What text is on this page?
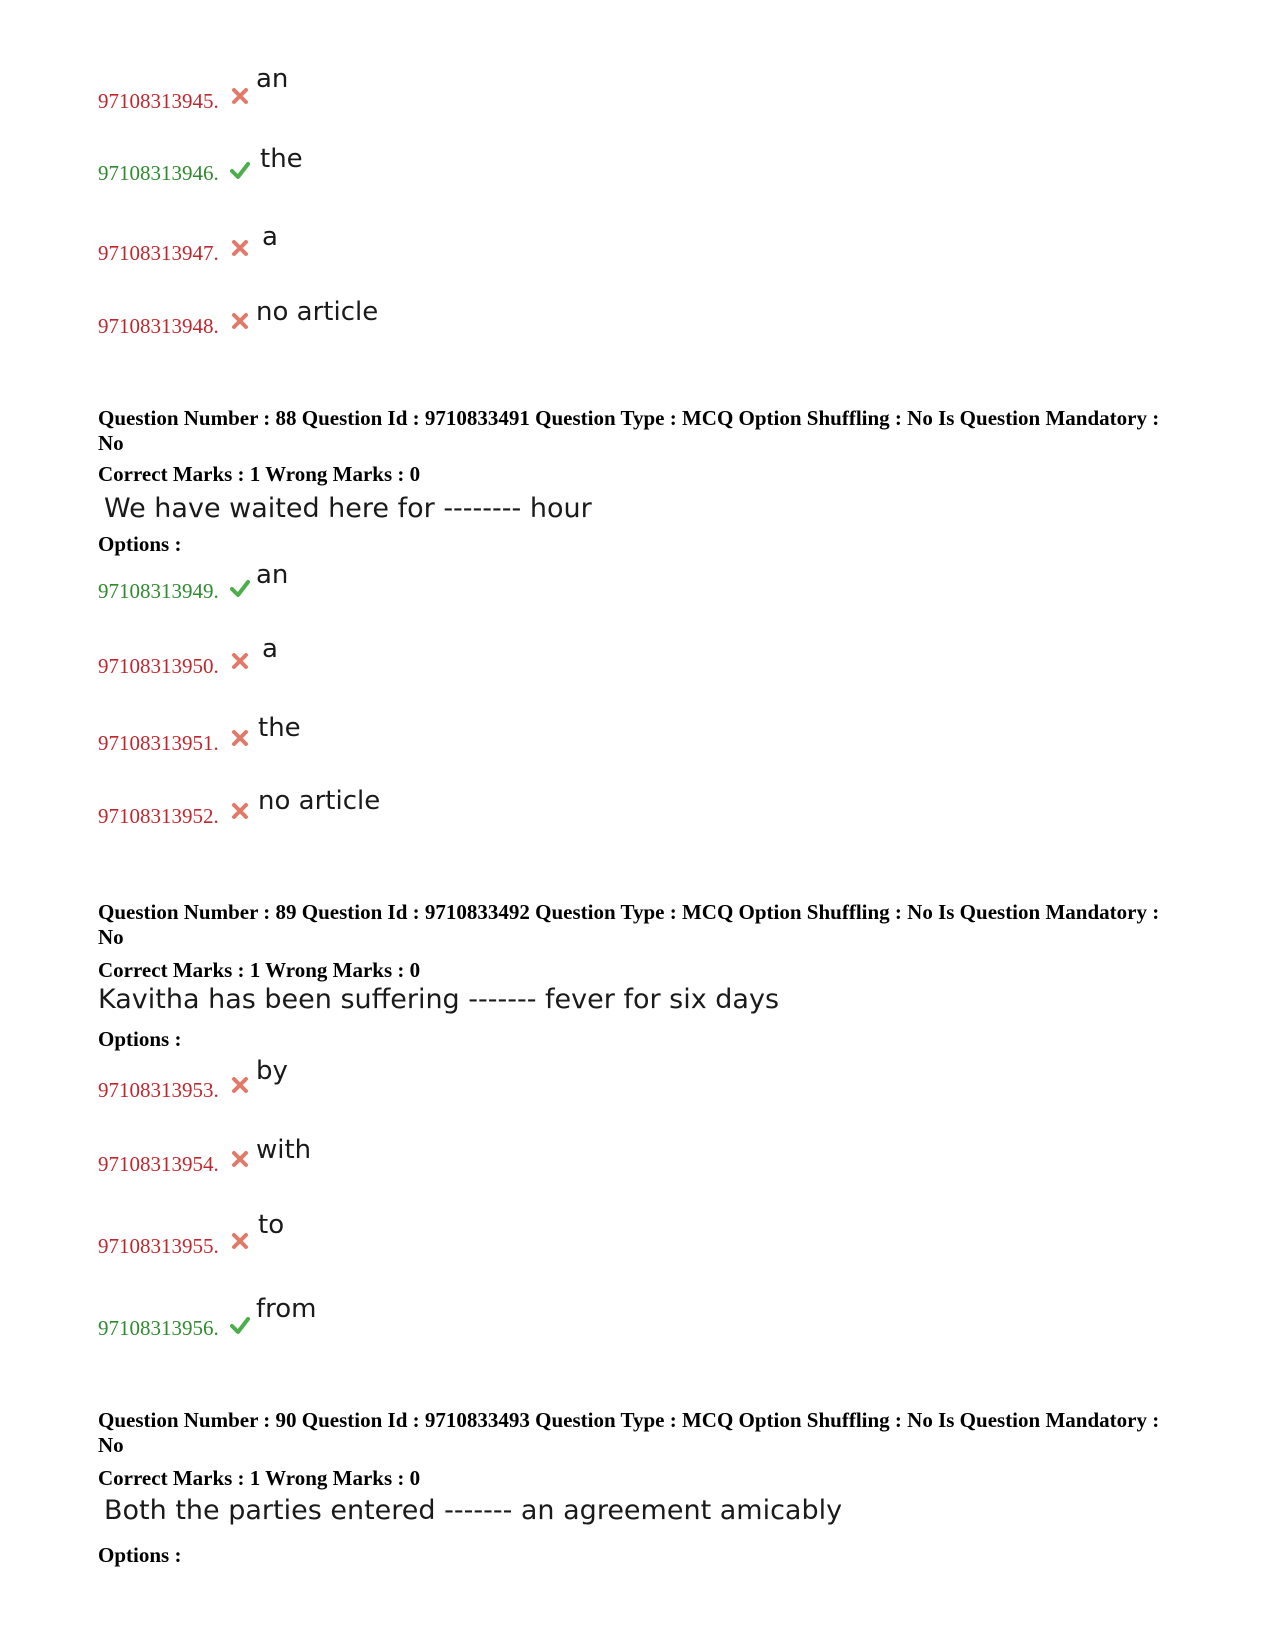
97108313945.
an
97108313946. the
97108313947.
a
97108313948. no article
Question Number : 88 Question Id : 9710833491 Question Type : MCQ Option Shuffling : No Is Question Mandatory : No
Correct Marks : 1 Wrong Marks : 0
We have waited here for -------- hour
Options :
97108313949.
an
97108313950.
a
97108313951. the
97108313952. no article
Question Number : 89 Question Id : 9710833492 Question Type : MCQ Option Shuffling : No Is Question Mandatory : No
Correct Marks : 1 Wrong Marks : 0
Kavitha has been suffering ------- fever for six days
Options :
97108313953.
by
97108313954. with
97108313955.
to
97108313956.
from
Question Number : 90 Question Id : 9710833493 Question Type : MCQ Option Shuffling : No Is Question Mandatory : No
Correct Marks : 1 Wrong Marks : 0
Both the parties entered ------- an agreement amicably
Options :
